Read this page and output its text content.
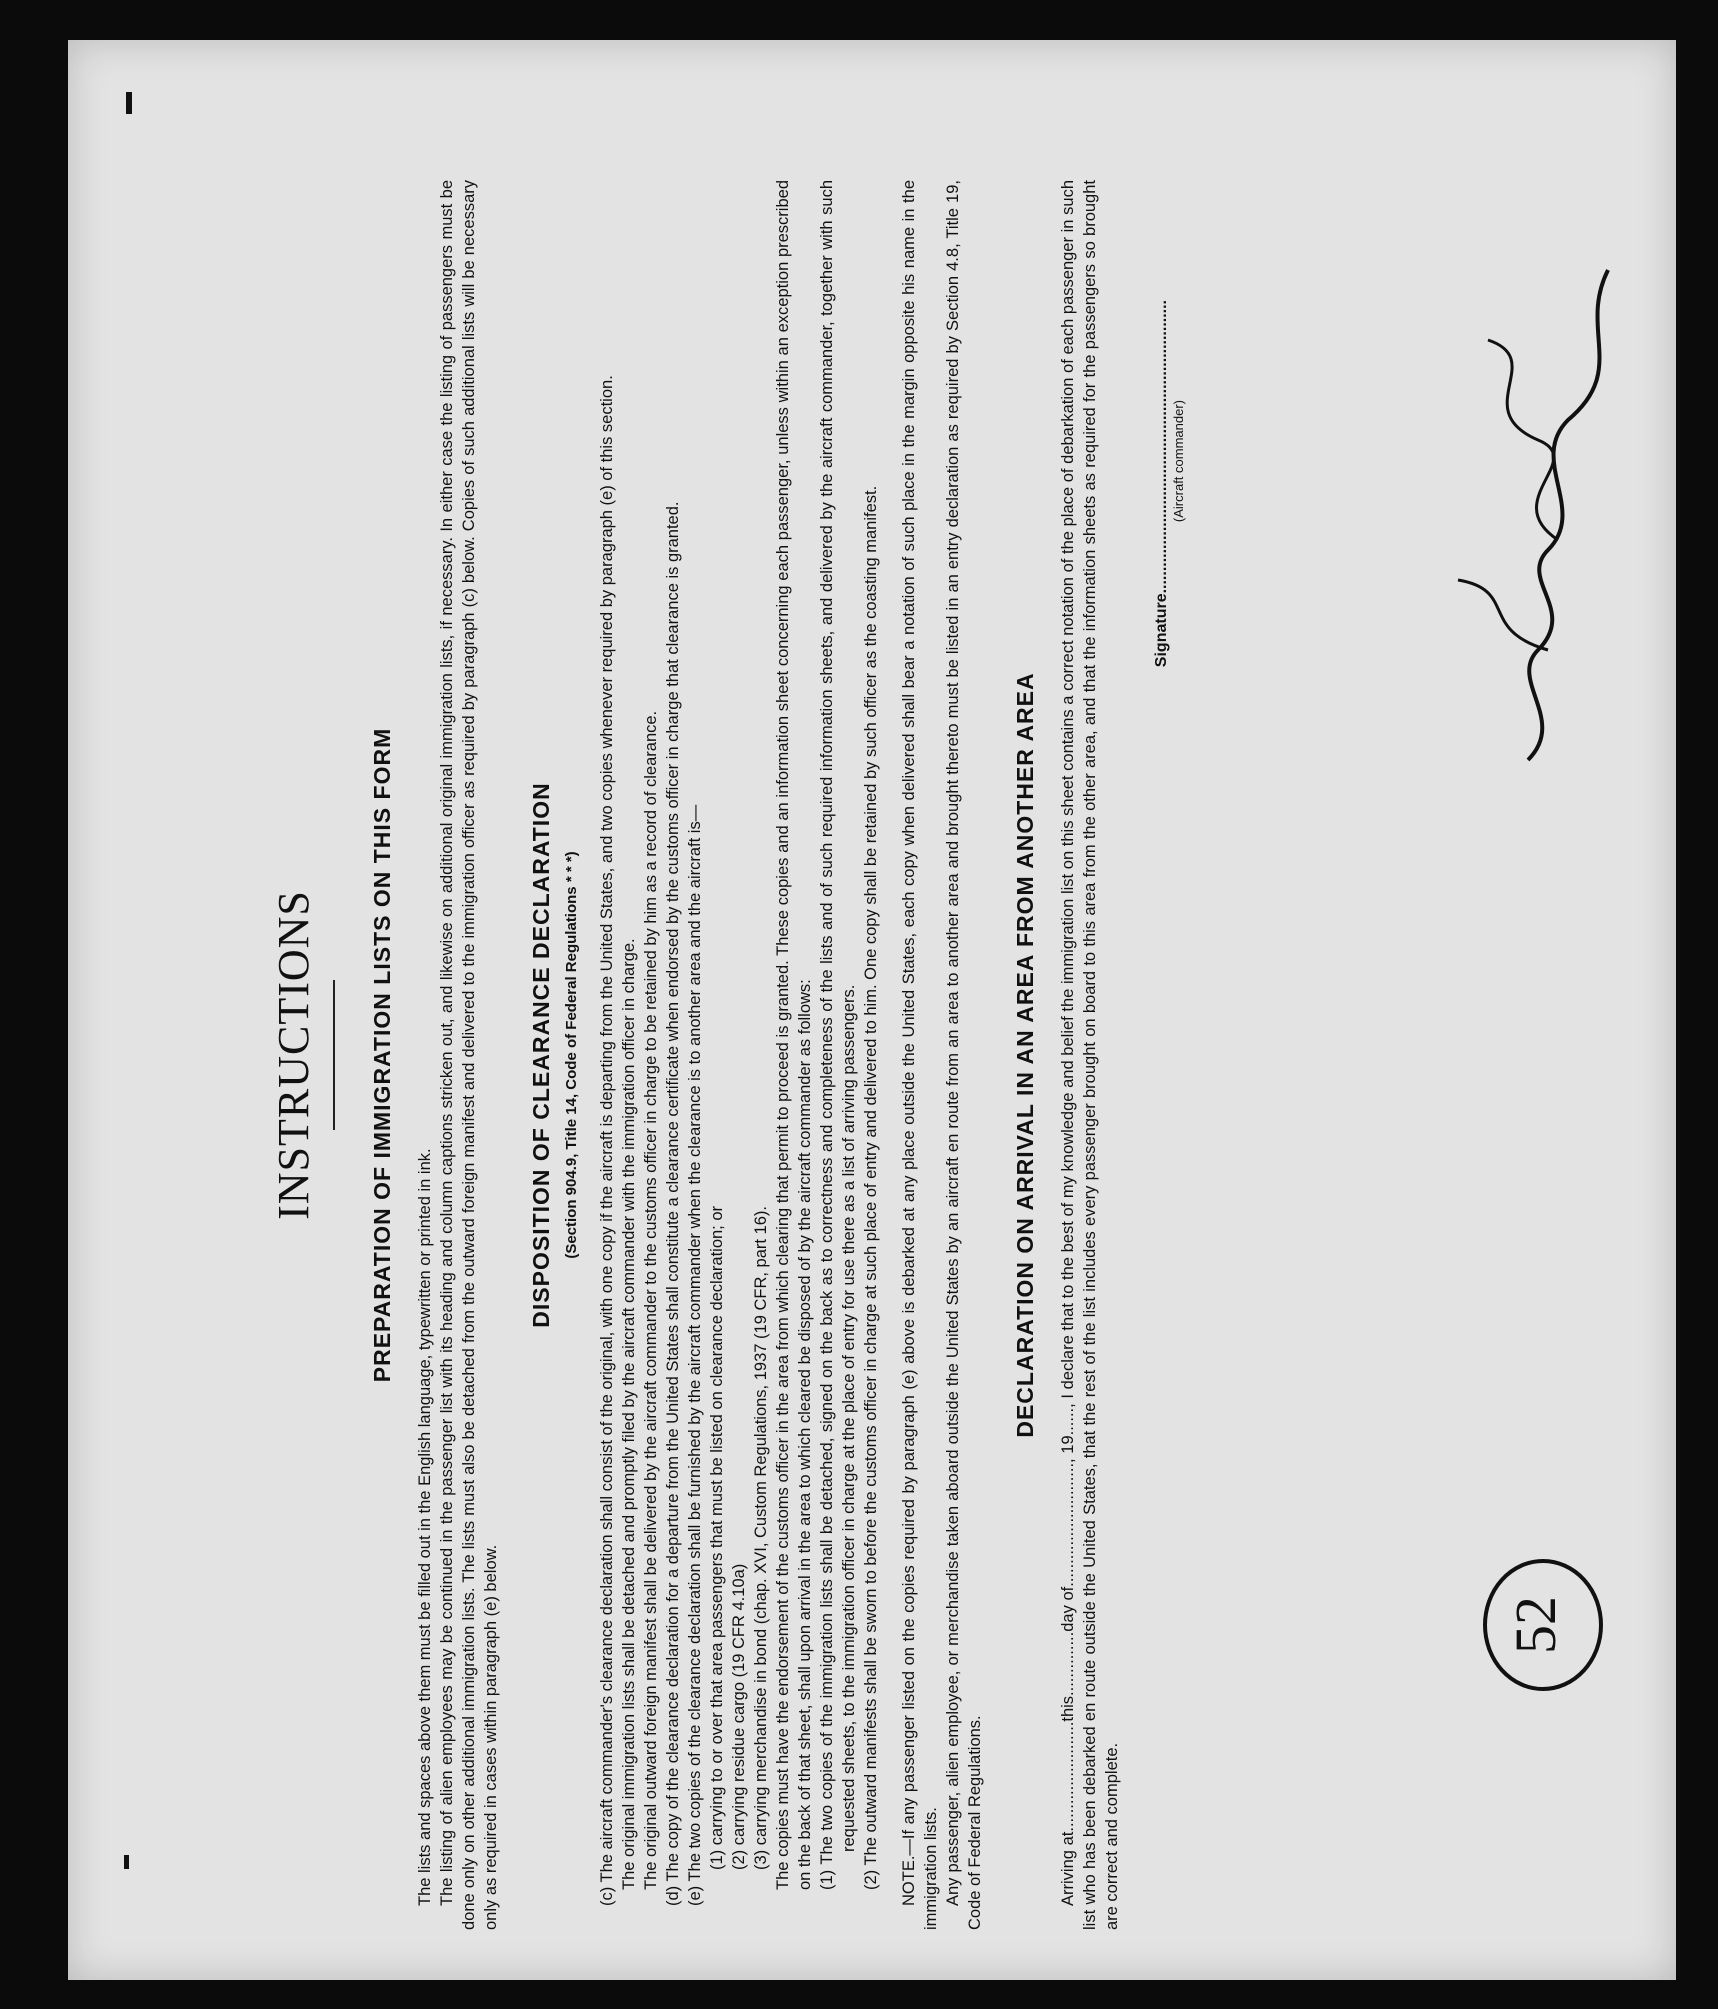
INSTRUCTIONS PREPARATION OF IMMIGRATION LISTS ON THIS FORM

The lists and spaces above them must be filled out in the English language, typewritten or printed in ink. The listing of alien employees may be continued in the passenger list with its heading and column captions stricken out, and likewise on additional original immigration lists, if necessary. In either case the listing of passengers must be done only on other additional immigration lists. The lists must also be detached from the outward foreign manifest and delivered to the immigration officer as required by paragraph (c) below. Copies of such additional lists will be necessary only as required in cases within paragraph (e) below.

DISPOSITION OF CLEARANCE DECLARATION (Section 904.9, Title 14, Code of Federal Regulations * * *) (c) The aircraft commander's clearance declaration shall consist of the original, with one copy if the aircraft is departing from the United States, and two copies whenever required by paragraph (e) of this section. The original immigration lists shall be detached and promptly filed by the aircraft commander with the immigration officer in charge. The original outward foreign manifest shall be delivered by the aircraft commander to the customs officer in charge to be retained by him as a record of clearance. (d) The copy of the clearance declaration for a departure from the United States shall constitute a clearance certificate when endorsed by the customs officer in charge that clearance is granted. (e) The two copies of the clearance declaration shall be furnished by the aircraft commander when the clearance is to another area and the aircraft is— (1) carrying to or over that area passengers that must be listed on clearance declaration; or (2) carrying residue cargo (19 CFR 4.10a) (3) carrying merchandise in bond (chap. XVI, Custom Regulations, 1937 (19 CFR, part 16). The copies must have the endorsement of the customs officer in the area from which clearing that permit to proceed is granted. These copies and an information sheet concerning each passenger, unless within an exception prescribed on the back of that sheet, shall upon arrival in the area to which cleared be disposed of by the aircraft commander as follows: (1) The two copies of the immigration lists shall be detached, signed on the back as to correctness and completeness of the lists and of such required information sheets, and delivered by the aircraft commander, together with such requested sheets, to the immigration officer in charge at the place of entry for use there as a list of arriving passengers. (2) The outward manifests shall be sworn to before the customs officer in charge at such place of entry and delivered to him. One copy shall be retained by such officer as the coasting manifest. NOTE.—If any passenger listed on the copies required by paragraph (e) above is debarked at any place outside the United States, each copy when delivered shall bear a notation of such place in the margin opposite his name in the immigration lists. Any passenger, alien employee, or merchandise taken aboard outside the United States by an aircraft en route from an area to another area and brought thereto must be listed in an entry declaration as required by Section 4.8, Title 19, Code of Federal Regulations.

DECLARATION ON ARRIVAL IN AN AREA FROM ANOTHER AREA Arriving at........................this..............day of..........................., 19......, I declare that to the best of my knowledge and belief the immigration list on this sheet contains a correct notation of the place of debarkation of each passenger in such list who has been debarked en route outside the United States, that the rest of the list includes every passenger brought on board to this area from the other area, and that the information sheets as required for the passengers so brought are correct and complete.

Signature.................................................................. (Aircraft commander)
52
